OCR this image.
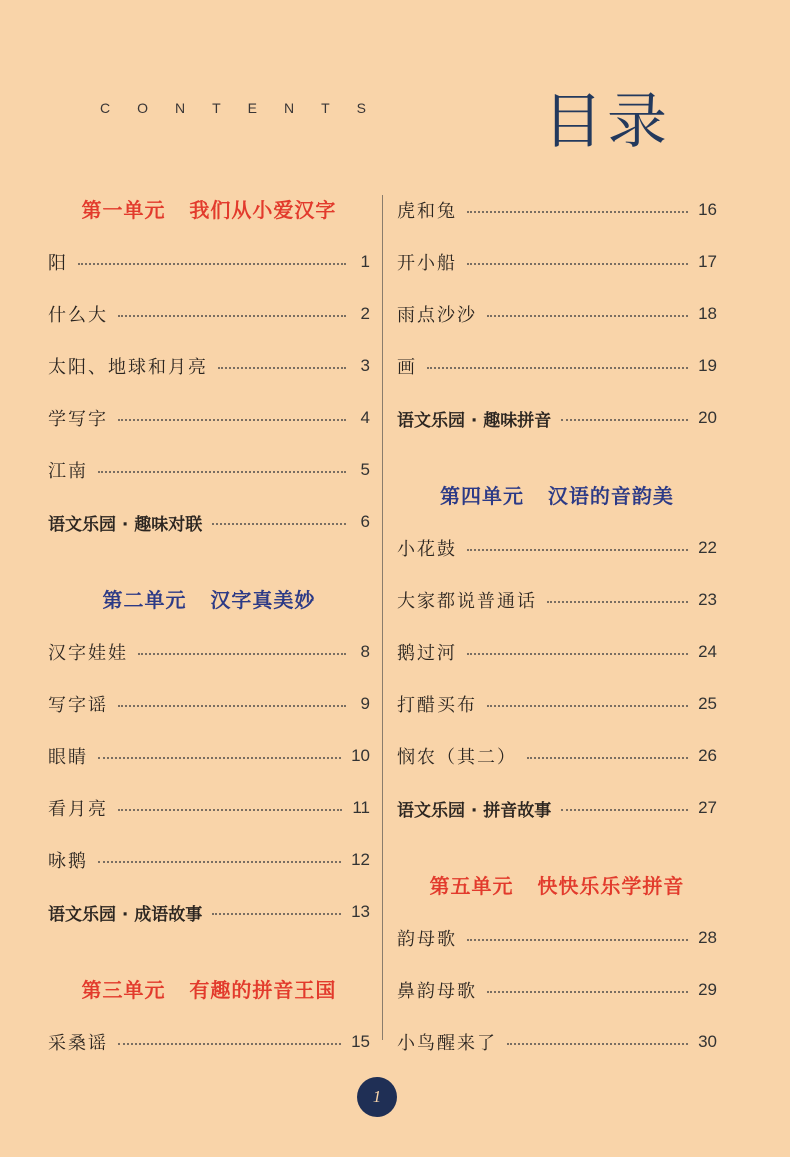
CONTENTS	目录
第一单元   我们从小爱汉字
阳	1
什么大	2
太阳、地球和月亮	3
学写字	4
江南	5
语文乐园 · 趣味对联	6
第二单元   汉字真美妙
汉字娃娃	8
写字谣	9
眼睛	10
看月亮	11
咏鹅	12
语文乐园 · 成语故事	13
第三单元   有趣的拼音王国
采桑谣	15
虎和兔	16
开小船	17
雨点沙沙	18
画	19
语文乐园 · 趣味拼音	20
第四单元   汉语的音韵美
小花鼓	22
大家都说普通话	23
鹅过河	24
打醋买布	25
悯农（其二）	26
语文乐园 · 拼音故事	27
第五单元   快快乐乐学拼音
韵母歌	28
鼻韵母歌	29
小鸟醒来了	30
1
